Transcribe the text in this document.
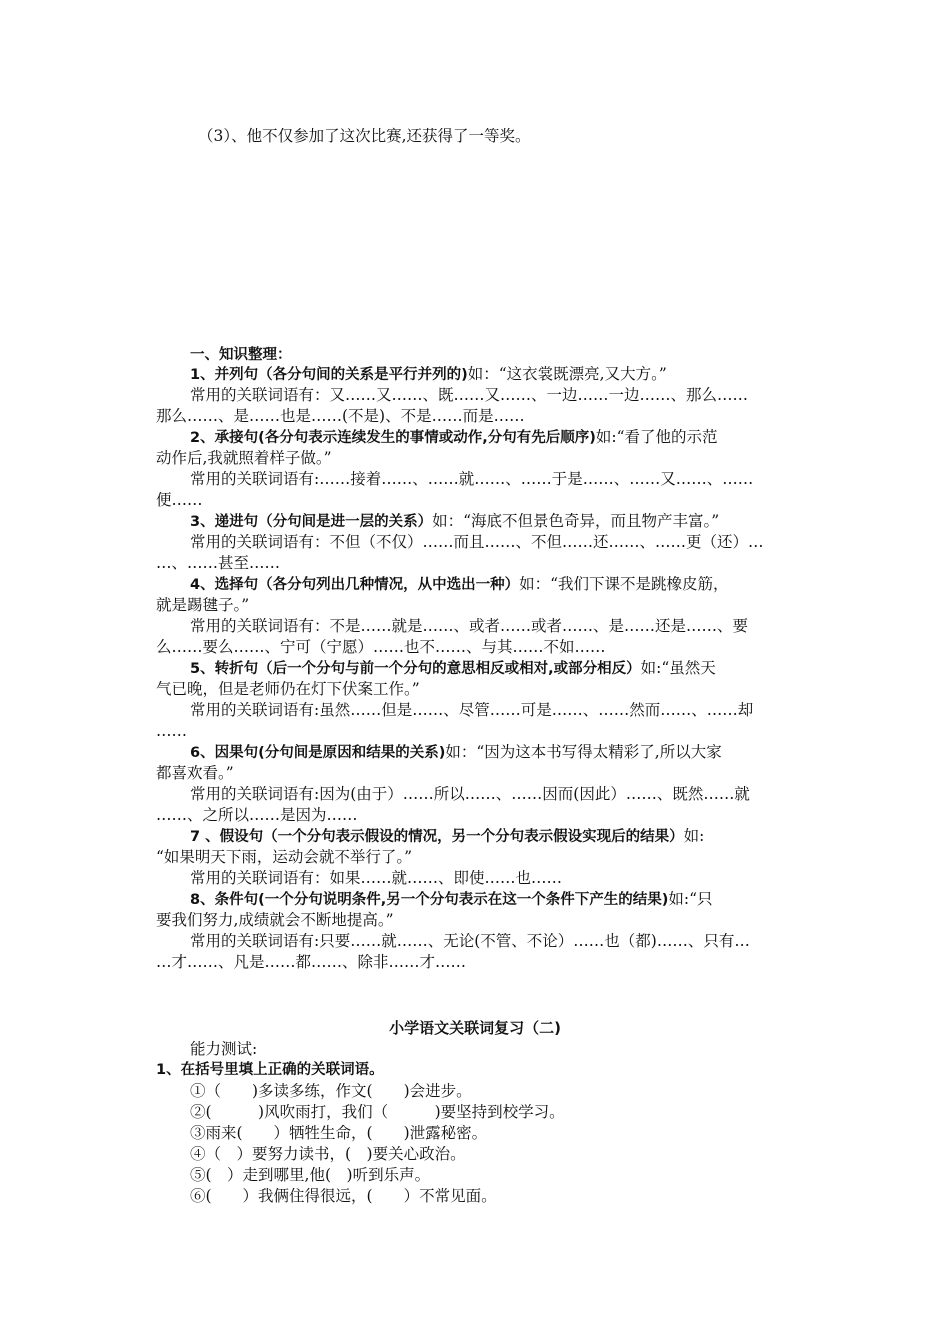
（3）、他不仅参加了这次比赛,还获得了一等奖。
一、知识整理：
1、并列句（各分句间的关系是平行并列的)如：“这衣裳既漂亮,又大方。”
常用的关联词语有：又……又……、既……又……、一边……一边……、那么……
那么……、是……也是……(不是)、不是……而是……
2、承接句(各分句表示连续发生的事情或动作,分句有先后顺序)如:“看了他的示范
动作后,我就照着样子做。”
常用的关联词语有:……接着……、……就……、……于是……、……又……、……
便……
3、递进句（分句间是进一层的关系）如：“海底不但景色奇异，而且物产丰富。”
常用的关联词语有：不但（不仅）……而且……、不但……还……、……更（还）…
…、……甚至……
4、选择句（各分句列出几种情况，从中选出一种）如：“我们下课不是跳橡皮筋，
就是踢毽子。”
常用的关联词语有：不是……就是……、或者……或者……、是……还是……、要
么……要么……、宁可（宁愿）……也不……、与其……不如……
5、转折句（后一个分句与前一个分句的意思相反或相对,或部分相反）如:“虽然天
气已晚，但是老师仍在灯下伏案工作。”
常用的关联词语有:虽然……但是……、尽管……可是……、……然而……、……却
……
6、因果句(分句间是原因和结果的关系)如：“因为这本书写得太精彩了,所以大家
都喜欢看。”
常用的关联词语有:因为(由于）……所以……、……因而(因此）……、既然……就
……、之所以……是因为……
7 、假设句（一个分句表示假设的情况，另一个分句表示假设实现后的结果）如:
“如果明天下雨，运动会就不举行了。”
常用的关联词语有：如果……就……、即使……也……
8、条件句(一个分句说明条件,另一个分句表示在这一个条件下产生的结果)如:“只
要我们努力,成绩就会不断地提高。”
常用的关联词语有:只要……就……、无论(不管、不论）……也（都)……、只有…
…才……、凡是……都……、除非……才……
小学语文关联词复习（二)
能力测试:
1、在括号里填上正确的关联词语。
①（　　)多读多练，作文(　　)会进步。
②(　　　)风吹雨打，我们（　　　)要坚持到校学习。
③雨来(　　）牺牲生命，(　　)泄露秘密。
④（　）要努力读书，(　)要关心政治。
⑤(　）走到哪里,他(　)听到乐声。
⑥(　　）我俩住得很远，(　　）不常见面。
